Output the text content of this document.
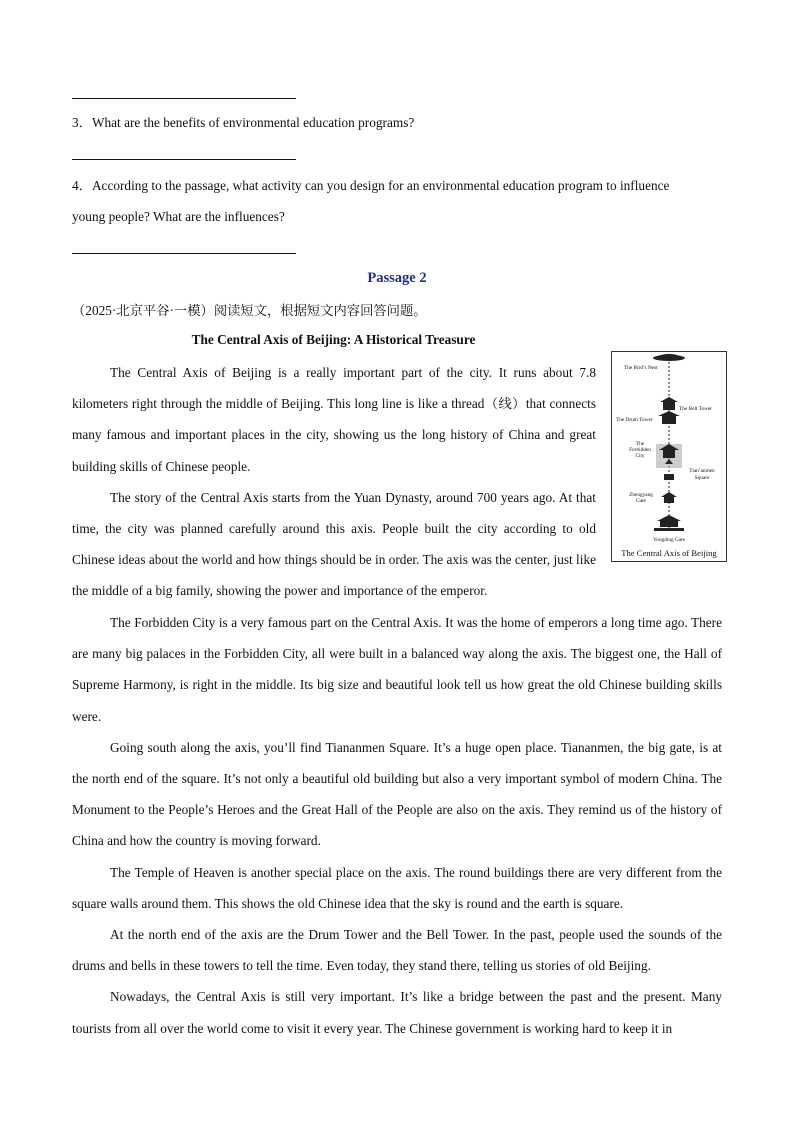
3．What are the benefits of environmental education programs?
4．According to the passage, what activity can you design for an environmental education program to influence
young people? What are the influences?
Passage 2
（2025·北京平谷·一模）阅读短文，根据短文内容回答问题。
The Central Axis of Beijing: A Historical Treasure

The Central Axis of Beijing is a really important part of the city. It runs about 7.8 kilometers right through the middle of Beijing. This long line is like a thread（线）that connects many famous and important places in the city, showing us the long history of China and great building skills of Chinese people.

The story of the Central Axis starts from the Yuan Dynasty, around 700 years ago. At that time, the city was planned carefully around this axis. People built the city according to old Chinese ideas about the world and how things should be in order. The axis was the center, just like the middle of a big family, showing the power and importance of the emperor.

The Forbidden City is a very famous part on the Central Axis. It was the home of emperors a long time ago. There are many big palaces in the Forbidden City, all were built in a balanced way along the axis. The biggest one, the Hall of Supreme Harmony, is right in the middle. Its big size and beautiful look tell us how great the old Chinese building skills were.

Going south along the axis, you’ll find Tiananmen Square. It’s a huge open place. Tiananmen, the big gate, is at the north end of the square. It’s not only a beautiful old building but also a very important symbol of modern China. The Monument to the People’s Heroes and the Great Hall of the People are also on the axis. They remind us of the history of China and how the country is moving forward.

The Temple of Heaven is another special place on the axis. The round buildings there are very different from the square walls around them. This shows the old Chinese idea that the sky is round and the earth is square.

At the north end of the axis are the Drum Tower and the Bell Tower. In the past, people used the sounds of the drums and bells in these towers to tell the time. Even today, they stand there, telling us stories of old Beijing.

Nowadays, the Central Axis is still very important. It’s like a bridge between the past and the present. Many tourists from all over the world come to visit it every year. The Chinese government is working hard to keep it in

The Bird’s Nest
The Bell Tower
The Drum Tower
The
Forbidden
City
Tian’anmen
Square
Zhengyang
Gate
Yongding Gate
The Central Axis of Beijing
